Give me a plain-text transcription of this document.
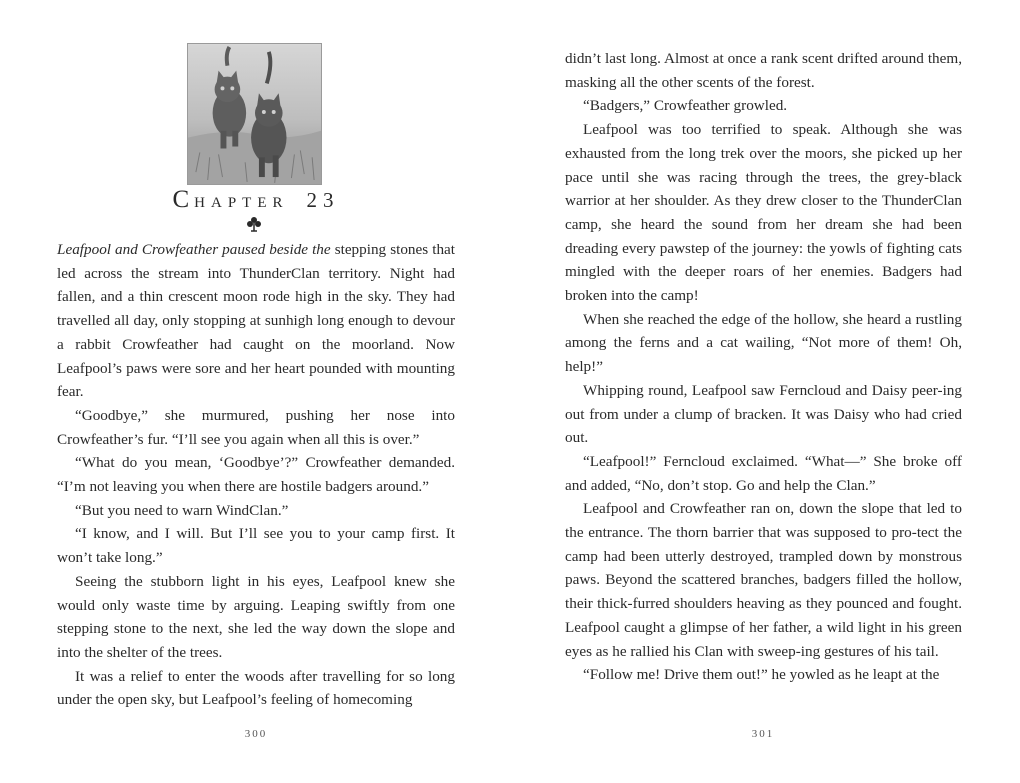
CHAPTER 23

Leafpool and Crowfeather paused beside the stepping stones that led across the stream into ThunderClan territory. Night had fallen, and a thin crescent moon rode high in the sky. They had travelled all day, only stopping at sunhigh long enough to devour a rabbit Crowfeather had caught on the moorland. Now Leafpool’s paws were sore and her heart pounded with mounting fear.

“Goodbye,” she murmured, pushing her nose into Crowfeather’s fur. “I’ll see you again when all this is over.”

“What do you mean, ‘Goodbye’?” Crowfeather demanded. “I’m not leaving you when there are hostile badgers around.”

“But you need to warn WindClan.”

“I know, and I will. But I’ll see you to your camp first. It won’t take long.”

Seeing the stubborn light in his eyes, Leafpool knew she would only waste time by arguing. Leaping swiftly from one stepping stone to the next, she led the way down the slope and into the shelter of the trees.

It was a relief to enter the woods after travelling for so long under the open sky, but Leafpool’s feeling of homecoming

300

didn’t last long. Almost at once a rank scent drifted around them, masking all the other scents of the forest.

“Badgers,” Crowfeather growled.

Leafpool was too terrified to speak. Although she was exhausted from the long trek over the moors, she picked up her pace until she was racing through the trees, the grey-black warrior at her shoulder. As they drew closer to the ThunderClan camp, she heard the sound from her dream she had been dreading every pawstep of the journey: the yowls of fighting cats mingled with the deeper roars of her enemies. Badgers had broken into the camp!

When she reached the edge of the hollow, she heard a rustling among the ferns and a cat wailing, “Not more of them! Oh, help!”

Whipping round, Leafpool saw Ferncloud and Daisy peer-ing out from under a clump of bracken. It was Daisy who had cried out.

“Leafpool!” Ferncloud exclaimed. “What—” She broke off and added, “No, don’t stop. Go and help the Clan.”

Leafpool and Crowfeather ran on, down the slope that led to the entrance. The thorn barrier that was supposed to pro-tect the camp had been utterly destroyed, trampled down by monstrous paws. Beyond the scattered branches, badgers filled the hollow, their thick-furred shoulders heaving as they pounced and fought. Leafpool caught a glimpse of her father, a wild light in his green eyes as he rallied his Clan with sweep-ing gestures of his tail.

“Follow me! Drive them out!” he yowled as he leapt at the

301
